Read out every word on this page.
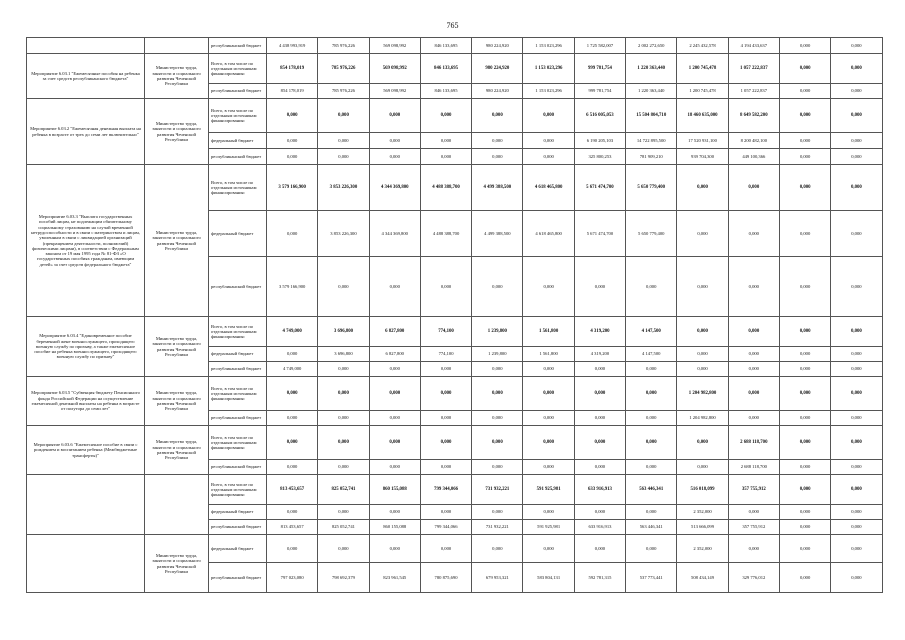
765
		республиканский бюджет	4 438 993,919	785 976,226	569 098,992	846 133,695	980 224,920	1 153 023,296	1 725 582,007	2 002 272,650	2 245 432,578	4 194 433,637	0,000	0,000
Мероприятие 6.03.1 "Ежемесячные пособия на ребенка за счет средств республиканского бюджета"	Министерство труда, занятости и социального развития Чеченской Республики	Всего, в том числе по отдельным источникам финансирования:	854 178,019	785 976,226	569 098,992	846 133,695	980 224,920	1 153 023,296	999 781,754	1 220 363,440	1 200 745,478	1 057 222,837	0,000	0,000
		республиканский бюджет	854 178,019	785 976,226	569 098,992	846 133,695	980 224,920	1 153 023,296	999 781,754	1 220 363,440	1 200 745,478	1 057 222,837	0,000	0,000
Мероприятие 6.03.2 "Ежемесячная денежная выплата на ребенка в возрасте от трех до семи лет включительно"	Министерство труда, занятости и социального развития Чеченской Республики	Всего, в том числе по отдельным источникам финансирования:	0,000	0,000	0,000	0,000	0,000	0,000	6 516 005,053	15 504 804,710	18 460 635,000	8 649 582,200	0,000	0,000
		федеральный бюджет	0,000	0,000	0,000	0,000	0,000	0,000	6 190 205,103	14 722 895,500	17 520 931,100	8 200 482,100	0,000	0,000
		республиканский бюджет	0,000	0,000	0,000	0,000	0,000	0,000	325 800,253	781 909,210	939 704,300	449 100,366	0,000	0,000
Мероприятие 6.03.3 "Выплата государственных пособий лицам, не подлежащим обязательному социальному страхованию на случай временной нетрудоспособности и в связи с материнством и лицам, уволенным в связи с ликвидацией организаций (прекращением деятельности, полномочий) физическими лицами), в соответствии с Федеральным законом от 19 мая 1995 года № 81-ФЗ «О государственных пособиях гражданам, имеющим детей» за счет средств федерального бюджета"	Министерство труда, занятости и социального развития Чеченской Республики	Всего, в том числе по отдельным источникам финансирования:	3 579 166,900	3 853 226,300	4 344 369,800	4 488 388,700	4 499 388,500	4 618 465,800	5 671 474,700	5 650 779,400	0,000	0,000	0,000	0,000
		федеральный бюджет	0,000	3 853 226,300	4 344 369,800	4 488 388,700	4 499 388,500	4 618 465,800	5 671 474,700	5 650 779,400	0,000	0,000	0,000	0,000
		республиканский бюджет	3 579 166,900	0,000	0,000	0,000	0,000	0,000	0,000	0,000	0,000	0,000	0,000	0,000
Мероприятие 6.03.4 "Единовременное пособие беременной жене военнослужащего, проходящего военную службу по призыву, а также ежемесячное пособие на ребенка военнослужащего, проходящего военную службу по призыву"	Министерство труда, занятости и социального развития Чеченской Республики	Всего, в том числе по отдельным источникам финансирования:	4 749,000	3 696,800	6 827,800	774,100	1 239,800	1 561,800	4 319,200	4 147,500	0,000	0,000	0,000	0,000
		федеральный бюджет	0,000	3 696,800	6 827,800	774,100	1 239,800	1 561,800	4 319,200	4 147,500	0,000	0,000	0,000	0,000
		республиканский бюджет	4 749,000	0,000	0,000	0,000	0,000	0,000	0,000	0,000	0,000	0,000	0,000	0,000
Мероприятие 6.03.5 "Субвенция бюджету Пенсионного фонда Российской Федерации на осуществление ежемесячной денежной выплаты на ребенка в возрасте от полутора до семи лет"	Министерство труда, занятости и социального развития Чеченской Республики	Всего, в том числе по отдельным источникам финансирования:	0,000	0,000	0,000	0,000	0,000	0,000	0,000	0,000	1 204 982,800	0,000	0,000	0,000
		республиканский бюджет	0,000	0,000	0,000	0,000	0,000	0,000	0,000	0,000	1 204 982,800	0,000	0,000	0,000
Мероприятие 6.03.6 "Ежемесячное пособие в связи с рождением и воспитанием ребенка (Межбюджетные трансферты)"	Министерство труда, занятости и социального развития Чеченской Республики	Всего, в том числе по отдельным источникам финансирования:	0,000	0,000	0,000	0,000	0,000	0,000	0,000	0,000	0,000	2 688 118,700	0,000	0,000
		республиканский бюджет	0,000	0,000	0,000	0,000	0,000	0,000	0,000	0,000	0,000	2 688 118,700	0,000	0,000
		Всего, в том числе по отдельным источникам финансирования:	813 453,657	825 052,741	860 155,088	799 344,066	731 932,221	591 925,981	633 916,913	563 446,341	516 018,099	357 755,912	0,000	0,000
		федеральный бюджет	0,000	0,000	0,000	0,000	0,000	0,000	0,000	0,000	2 352,000	0,000	0,000	0,000
		республиканский бюджет	813 453,657	825 052,741	860 155,088	799 344,066	731 932,221	591 925,981	633 916,913	563 446,341	513 666,099	357 755,912	0,000	0,000
	Министерство труда, занятости и социального развития Чеченской Республики	федеральный бюджет	0,000	0,000	0,000	0,000	0,000	0,000	0,000	0,000	2 352,000	0,000	0,000	0,000
		республиканский бюджет	797 023,080	798 692,379	823 961,545	780 875,690	679 953,321	583 804,131	592 781,315	537 773,441	508 434,149	329 776,012	0,000	0,000
